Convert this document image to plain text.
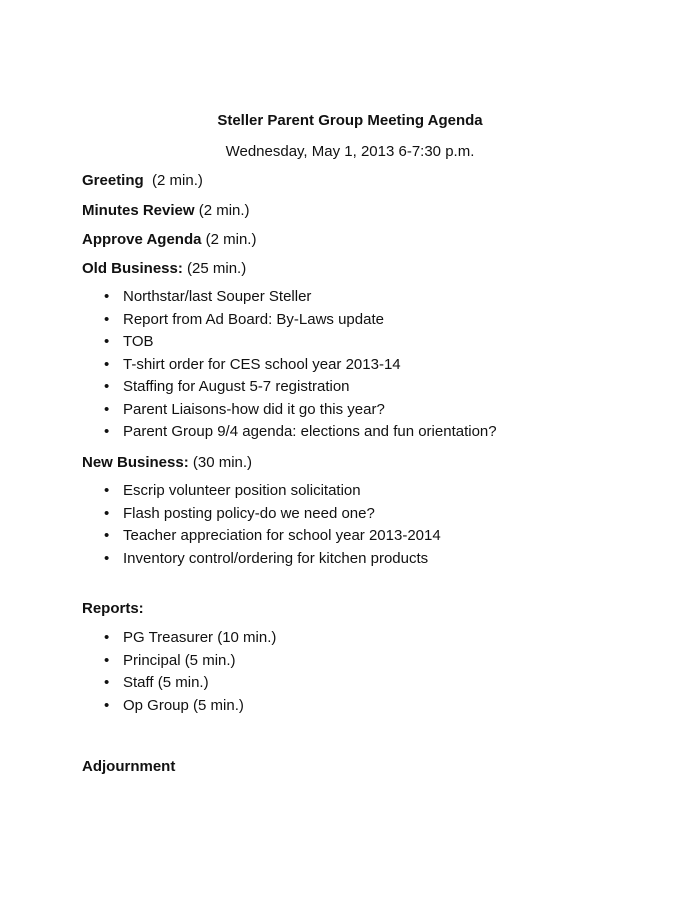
Steller Parent Group Meeting Agenda
Wednesday, May 1, 2013 6-7:30 p.m.
Greeting  (2 min.)
Minutes Review (2 min.)
Approve Agenda (2 min.)
Old Business: (25 min.)
• Northstar/last Souper Steller
• Report from Ad Board: By-Laws update
• TOB
• T-shirt order for CES school year 2013-14
• Staffing for August 5-7 registration
• Parent Liaisons-how did it go this year?
• Parent Group 9/4 agenda: elections and fun orientation?
New Business: (30 min.)
• Escrip volunteer position solicitation
• Flash posting policy-do we need one?
• Teacher appreciation for school year 2013-2014
• Inventory control/ordering for kitchen products
Reports:
• PG Treasurer (10 min.)
• Principal (5 min.)
• Staff (5 min.)
• Op Group (5 min.)
Adjournment
